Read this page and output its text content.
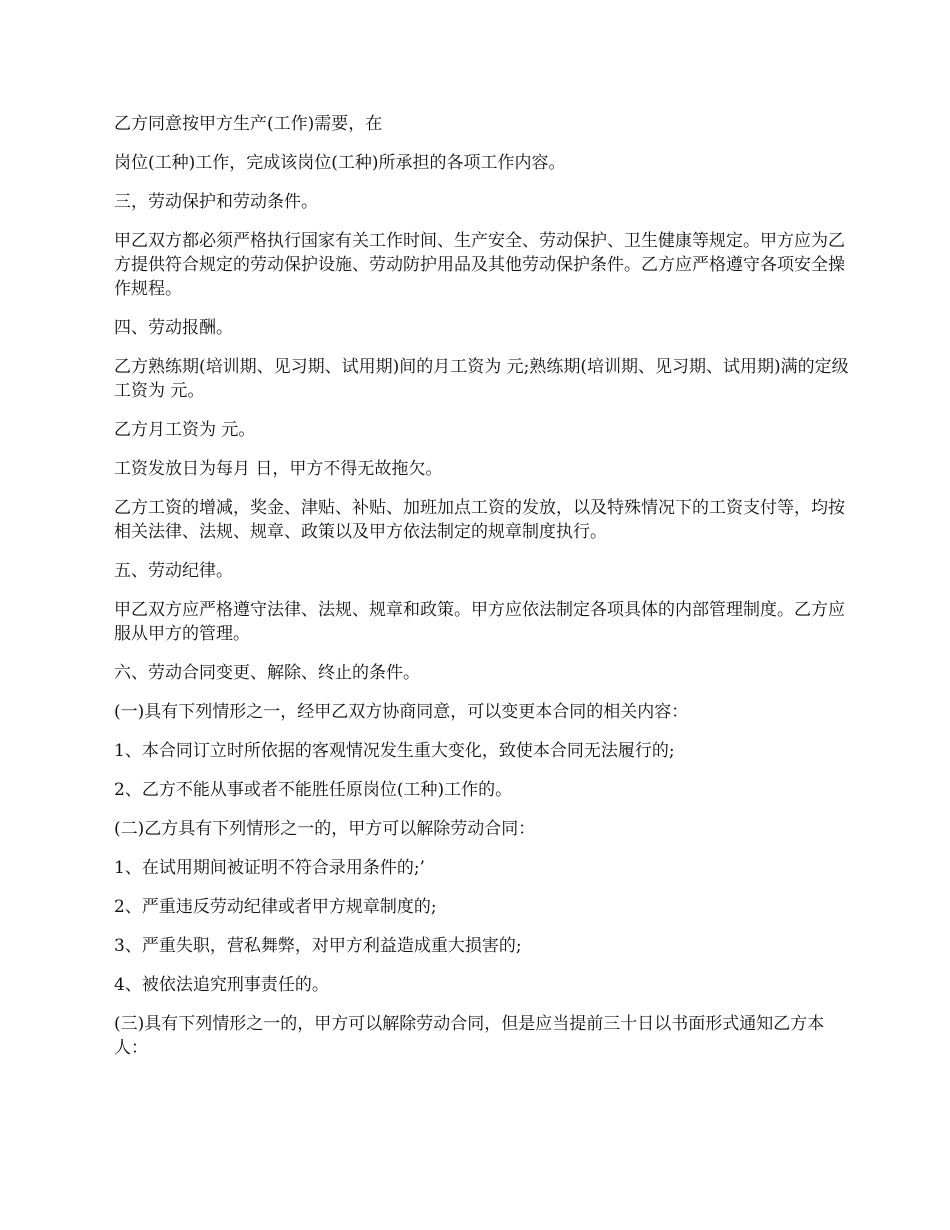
乙方同意按甲方生产(工作)需要，在

岗位(工种)工作，完成该岗位(工种)所承担的各项工作内容。

三，劳动保护和劳动条件。

甲乙双方都必须严格执行国家有关工作时间、生产安全、劳动保护、卫生健康等规定。甲方应为乙方提供符合规定的劳动保护设施、劳动防护用品及其他劳动保护条件。乙方应严格遵守各项安全操作规程。

四、劳动报酬。

乙方熟练期(培训期、见习期、试用期)间的月工资为 元;熟练期(培训期、见习期、试用期)满的定级工资为 元。

乙方月工资为 元。

工资发放日为每月 日，甲方不得无故拖欠。

乙方工资的增减，奖金、津贴、补贴、加班加点工资的发放，以及特殊情况下的工资支付等，均按相关法律、法规、规章、政策以及甲方依法制定的规章制度执行。

五、劳动纪律。

甲乙双方应严格遵守法律、法规、规章和政策。甲方应依法制定各项具体的内部管理制度。乙方应服从甲方的管理。

六、劳动合同变更、解除、终止的条件。

(一)具有下列情形之一，经甲乙双方协商同意，可以变更本合同的相关内容：

1、本合同订立时所依据的客观情况发生重大变化，致使本合同无法履行的;

2、乙方不能从事或者不能胜任原岗位(工种)工作的。

(二)乙方具有下列情形之一的，甲方可以解除劳动合同：

1、在试用期间被证明不符合录用条件的;’

2、严重违反劳动纪律或者甲方规章制度的;

3、严重失职，营私舞弊，对甲方利益造成重大损害的;

4、被依法追究刑事责任的。

(三)具有下列情形之一的，甲方可以解除劳动合同，但是应当提前三十日以书面形式通知乙方本人：
